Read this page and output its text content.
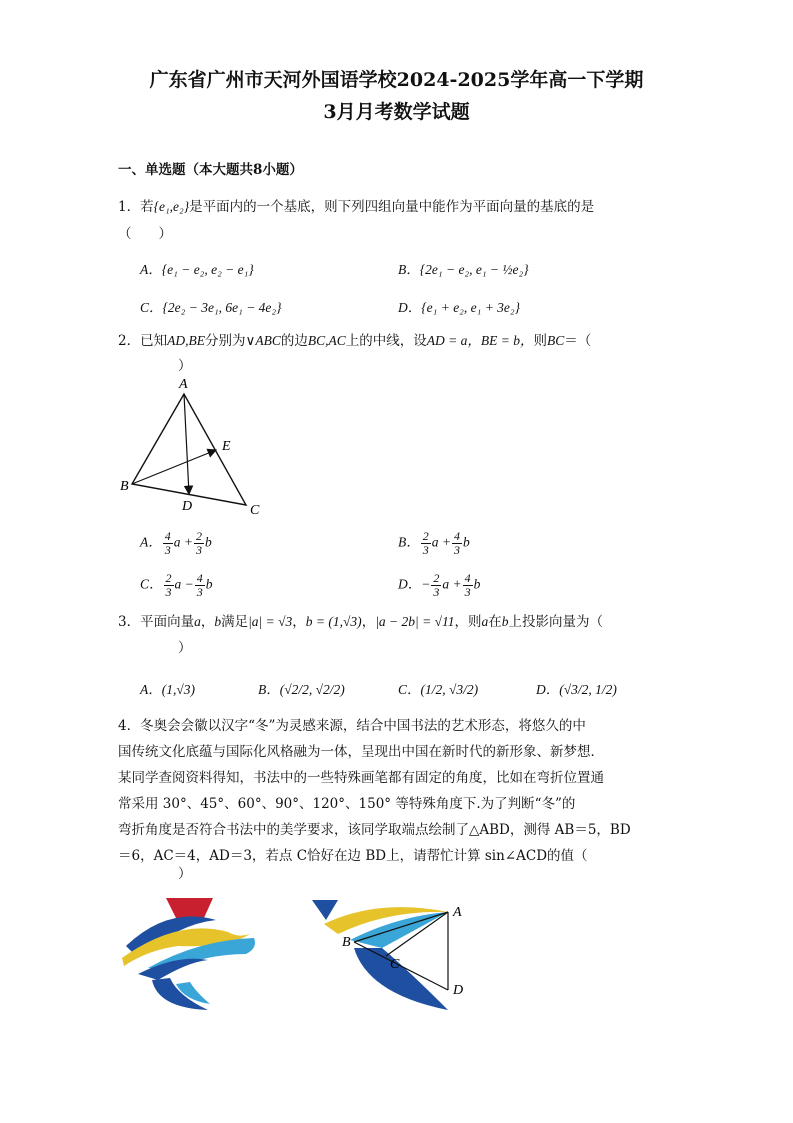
广东省广州市天河外国语学校2024-2025学年高一下学期
3月月考数学试题
一、单选题（本大题共8小题）
1．若{e₁,e₂}是平面内的一个基底，则下列四组向量中能作为平面向量的基底的是
（　　）
A．{e₁ − e₂, e₂ − e₁}	B．{2e₁ − e₂, e₁ − ½e₂}
C．{2e₂ − 3e₁, 6e₁ − 4e₂}	D．{e₁ + e₂, e₁ + 3e₂}
2．已知AD,BE分别为∨ABC的边BC,AC上的中线，设AD = a，BE = b，则BC＝（
）
A
B
C
D
E
A． $\frac{4}{3}$ $a + \frac{2}{3}$ b	B． $\frac{2}{3}$ $a + \frac{4}{3}$ b
C． $\frac{2}{3}$ $a - \frac{4}{3}$ b	D．− $\frac{2}{3}$ $a + \frac{4}{3}$ b
3．平面向量a，b满足|a| = √3，b = (1,√3)，|a − 2b| = √11，则a在b上投影向量为（
）
A．(1,√3)	B．(√2/2, √2/2)	C．(1/2, √3/2)	D．(√3/2, 1/2)
4．冬奥会会徽以汉字“冬”为灵感来源，结合中国书法的艺术形态，将悠久的中
国传统文化底蕴与国际化风格融为一体，呈现出中国在新时代的新形象、新梦想．
某同学查阅资料得知，书法中的一些特殊画笔都有固定的角度，比如在弯折位置通
常采用 30°、45°、60°、90°、120°、150° 等特殊角度下.为了判断“冬”的
弯折角度是否符合书法中的美学要求，该同学取端点绘制了△ABD，测得 AB＝5，BD
＝6，AC＝4，AD＝3，若点 C恰好在边 BD上，请帮忙计算 sin∠ACD的值（
）
A
B
C
D
